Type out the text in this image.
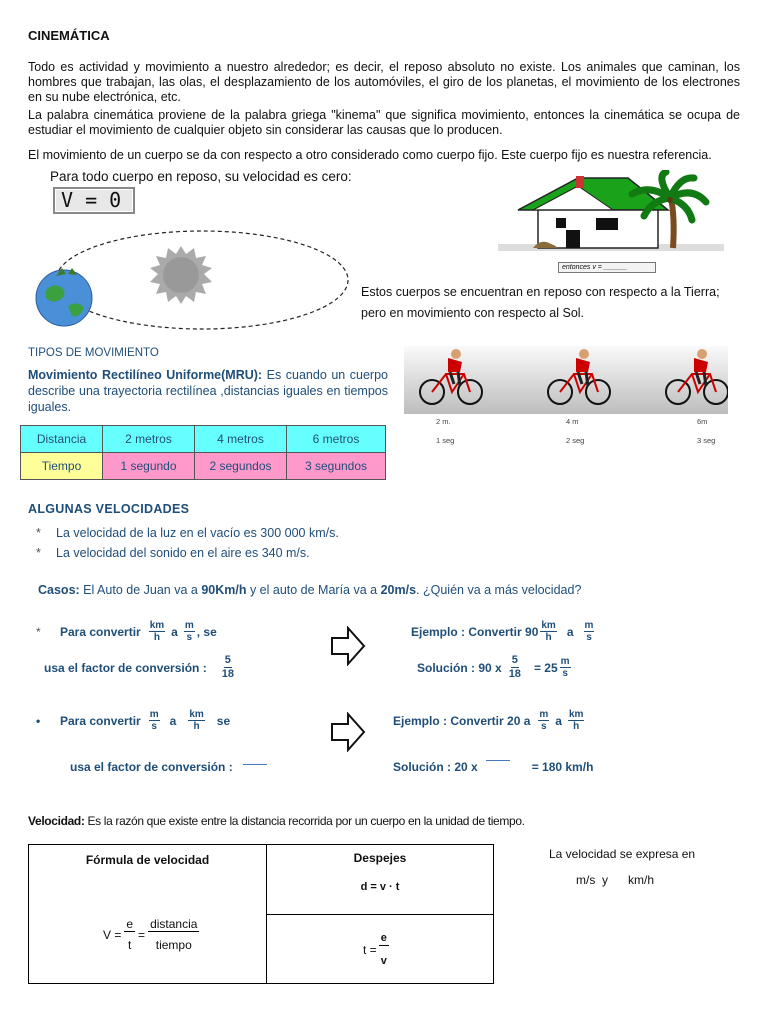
CINEMÁTICA

Todo es actividad y movimiento a nuestro alrededor; es decir, el reposo absoluto no existe. Los animales que caminan, los hombres que trabajan, las olas, el desplazamiento de los automóviles, el giro de los planetas, el movimiento de los electrones en su nube electrónica, etc.

La palabra cinemática proviene de la palabra griega "kinema" que significa movimiento, entonces la cinemática se ocupa de estudiar el movimiento de cualquier objeto sin considerar las causas que lo producen.

El movimiento de un cuerpo se da con respecto a otro considerado como cuerpo fijo. Este cuerpo fijo es nuestra referencia.

Para todo cuerpo en reposo, su velocidad es cero:
V = 0
entonces v = ______
Estos cuerpos se encuentran en reposo con respecto a la Tierra;
pero en movimiento con respecto al Sol.
TIPOS DE MOVIMIENTO

Movimiento Rectilíneo Uniforme(MRU): Es cuando un cuerpo describe una trayectoria rectilínea ,distancias iguales en tiempos iguales.

2 m.	4 m	6m
1 seg	2 seg	3 seg
Distancia	2 metros	4 metros	6 metros
Tiempo	1 segundo	2 segundos	3 segundos
ALGUNAS VELOCIDADES
* La velocidad de la luz en el vacío es 300 000 km/s.
* La velocidad del sonido en el aire es 340 m/s.
Casos: El Auto de Juan va a 90Km/h y el auto de María va a 20m/s. ¿Quién va a más velocidad?
*	Para convertir $\frac{km}{h}$ a $\frac{m}{s}$ , se
usa el factor de conversión : $\frac{5}{18}$
Ejemplo : Convertir $90 \frac{km}{h}$ a $\frac{m}{s}$
Solución : 90 x $\frac{5}{18} = 25 \frac{m}{s}$
•	Para convertir $\frac{m}{s}$ a $\frac{km}{h}$ se
usa el factor de conversión :
Ejemplo : Convertir 20 a $\frac{m}{s}$ a $\frac{km}{h}$
Solución : 20 x	= 180 km/h
Velocidad: Es la razón que existe entre la distancia recorrida por un cuerpo en la unidad de tiempo.
Fórmula de velocidad
$V = \frac{e}{t}$ =
distancia
tiempo

Despejes
d = v · t

$t = \frac{e}{v}$
La velocidad se expresa en
m/s  y      km/h
